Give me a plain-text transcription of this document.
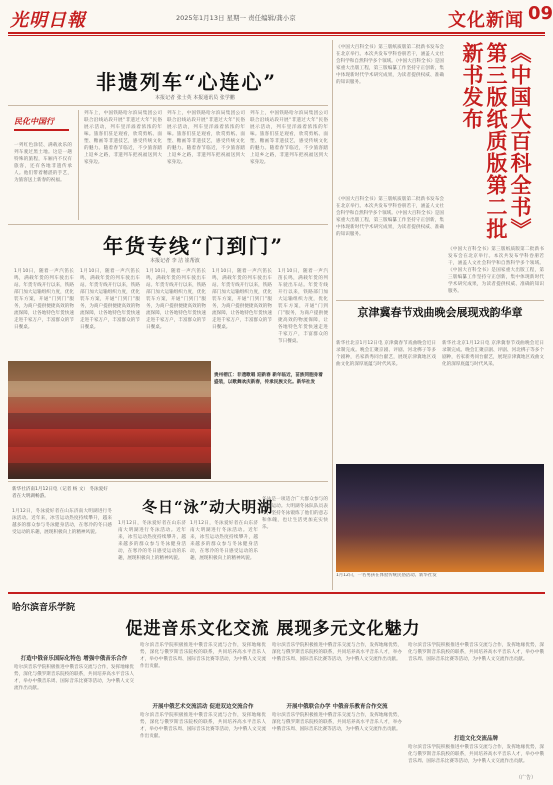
光明日報	2025年1月13日 星期一 责任编辑/龚小京	文化新闻 09
非遗列车“心连心”
本报记者 张士英 本报通讯员 张学鹏
民化中国行
一列红色涂装、满载欢乐的列车驶过黑土地。这是一趟特殊的旅程，车厢内不仅有旅客，还有各地非遗传承人。他们带着精湛的手艺，为旅客送上新春的祝福。
列车上，中国铁路哈尔滨局集团公司联合沿线站段开展“非遗过大年”民俗展示活动，列车里洋溢着浓浓的年味。旅客们驻足观看，欣赏剪纸、面塑、糖画等非遗技艺，感受传统文化的魅力。随着春节临近，不少旅客踏上返乡之路，非遗列车把祝福送到大家身边。
列车上，中国铁路哈尔滨局集团公司联合沿线站段开展“非遗过大年”民俗展示活动，列车里洋溢着浓浓的年味。旅客们驻足观看，欣赏剪纸、面塑、糖画等非遗技艺，感受传统文化的魅力。随着春节临近，不少旅客踏上返乡之路，非遗列车把祝福送到大家身边。
列车上，中国铁路哈尔滨局集团公司联合沿线站段开展“非遗过大年”民俗展示活动，列车里洋溢着浓浓的年味。旅客们驻足观看，欣赏剪纸、面塑、糖画等非遗技艺，感受传统文化的魅力。随着春节临近，不少旅客踏上返乡之路，非遗列车把祝福送到大家身边。
年货专线“门到门”
本报记者 李 洁 崔帮波
1月10日，随着一声汽笛长鸣，满载年货的列车驶出车站。年货专线开行以来，铁路部门加大运输组织力度，优化装车方案，开通“门到门”服务，为商户提供便捷高效的物流保障，让各地特色年货快速走进千家万户，丰富群众的节日餐桌。
1月10日，随着一声汽笛长鸣，满载年货的列车驶出车站。年货专线开行以来，铁路部门加大运输组织力度，优化装车方案，开通“门到门”服务，为商户提供便捷高效的物流保障，让各地特色年货快速走进千家万户，丰富群众的节日餐桌。
1月10日，随着一声汽笛长鸣，满载年货的列车驶出车站。年货专线开行以来，铁路部门加大运输组织力度，优化装车方案，开通“门到门”服务，为商户提供便捷高效的物流保障，让各地特色年货快速走进千家万户，丰富群众的节日餐桌。
1月10日，随着一声汽笛长鸣，满载年货的列车驶出车站。年货专线开行以来，铁路部门加大运输组织力度，优化装车方案，开通“门到门”服务，为商户提供便捷高效的物流保障，让各地特色年货快速走进千家万户，丰富群众的节日餐桌。
1月10日，随着一声汽笛长鸣，满载年货的列车驶出车站。年货专线开行以来，铁路部门加大运输组织力度，优化装车方案，开通“门到门”服务，为商户提供便捷高效的物流保障，让各地特色年货快速走进千家万户，丰富群众的节日餐桌。
贵州榕江：非遗歌唱 迎新春 新年临近，苗族同胞身着盛装，以歌舞欢庆新春，传承民族文化。新华社发
新华社济南1月12日电（记者 杨 文） 冬泳爱好者在大明湖畅游。
1月12日，冬泳爱好者在山东济南大明湖进行冬泳活动。近年来，冰雪运动热度持续攀升，越来越多的群众参与冬泳健身活动，在寒冷的冬日感受运动的乐趣，展现积极向上的精神风貌。
冬日“泳”动大明湖
1月12日，冬泳爱好者在山东济南大明湖进行冬泳活动。近年来，冰雪运动热度持续攀升，越来越多的群众参与冬泳健身活动，在寒冷的冬日感受运动的乐趣，展现积极向上的精神风貌。
1月12日，冬泳爱好者在山东济南大明湖进行冬泳活动。近年来，冰雪运动热度持续攀升，越来越多的群众参与冬泳健身活动，在寒冷的冬日感受运动的乐趣，展现积极向上的精神风貌。
冬泳是一项适合广大群众参与的体育运动。大明湖冬泳队队员表示，坚持冬泳锻炼了他们的意志和体魄，也让生活更加充实快乐。
《中国大百科全书》第三版纸质版第二批新书发布会在北京举行。本次共发布学科卷册若干，涵盖人文社会科学和自然科学多个领域。《中国大百科全书》是国家重大出版工程，第三版编纂工作坚持守正创新，集中体现新时代学术研究成果，为读者提供权威、准确的知识服务。	《中国大百科全书》第三版纸质版第二批新书发布
《中国大百科全书》第三版纸质版第二批新书发布会在北京举行。本次共发布学科卷册若干，涵盖人文社会科学和自然科学多个领域。《中国大百科全书》是国家重大出版工程，第三版编纂工作坚持守正创新，集中体现新时代学术研究成果，为读者提供权威、准确的知识服务。
《中国大百科全书》第三版纸质版第二批新书发布会在北京举行。本次共发布学科卷册若干，涵盖人文社会科学和自然科学多个领域。《中国大百科全书》是国家重大出版工程，第三版编纂工作坚持守正创新，集中体现新时代学术研究成果，为读者提供权威、准确的知识服务。
京津冀春节戏曲晚会展现戏韵华章
新华社北京1月12日电 京津冀春节戏曲晚会近日录制完成。晚会汇聚京剧、评剧、河北梆子等多个剧种，名家新秀同台献艺，展现京津冀地区戏曲文化的深厚底蕴与时代风采。
新华社北京1月12日电 京津冀春节戏曲晚会近日录制完成。晚会汇聚京剧、评剧、河北梆子等多个剧种，名家新秀同台献艺，展现京津冀地区戏曲文化的深厚底蕴与时代风采。
1月12日，一名男孩在体验传统民俗活动。新华社发
哈尔滨音乐学院
促进音乐文化交流 展现多元文化魅力
打造中俄音乐国际化特色 增强中俄音乐合作
哈尔滨音乐学院积极推进中俄音乐交流与合作，发挥地缘优势，深化与俄罗斯音乐院校的联系，共同培养高水平音乐人才，举办中俄音乐周、国际音乐比赛等活动，为中俄人文交流作出贡献。
哈尔滨音乐学院积极推进中俄音乐交流与合作，发挥地缘优势，深化与俄罗斯音乐院校的联系，共同培养高水平音乐人才，举办中俄音乐周、国际音乐比赛等活动，为中俄人文交流作出贡献。
开展中俄艺术交流活动 促进双边交流合作
哈尔滨音乐学院积极推进中俄音乐交流与合作，发挥地缘优势，深化与俄罗斯音乐院校的联系，共同培养高水平音乐人才，举办中俄音乐周、国际音乐比赛等活动，为中俄人文交流作出贡献。
哈尔滨音乐学院积极推进中俄音乐交流与合作，发挥地缘优势，深化与俄罗斯音乐院校的联系，共同培养高水平音乐人才，举办中俄音乐周、国际音乐比赛等活动，为中俄人文交流作出贡献。
开展中俄联合办学 中俄音乐教育合作交流
哈尔滨音乐学院积极推进中俄音乐交流与合作，发挥地缘优势，深化与俄罗斯音乐院校的联系，共同培养高水平音乐人才，举办中俄音乐周、国际音乐比赛等活动，为中俄人文交流作出贡献。
哈尔滨音乐学院积极推进中俄音乐交流与合作，发挥地缘优势，深化与俄罗斯音乐院校的联系，共同培养高水平音乐人才，举办中俄音乐周、国际音乐比赛等活动，为中俄人文交流作出贡献。
打造文化交流品牌
哈尔滨音乐学院积极推进中俄音乐交流与合作，发挥地缘优势，深化与俄罗斯音乐院校的联系，共同培养高水平音乐人才，举办中俄音乐周、国际音乐比赛等活动，为中俄人文交流作出贡献。
（广告）
